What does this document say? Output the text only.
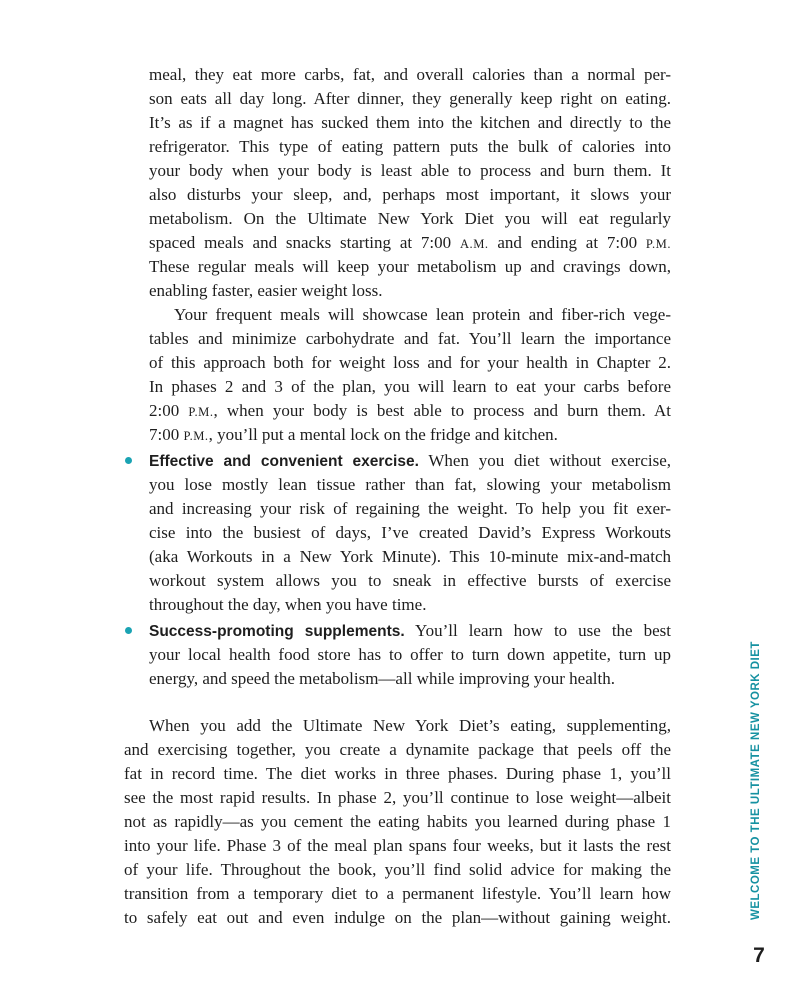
meal, they eat more carbs, fat, and overall calories than a normal per-
son eats all day long. After dinner, they generally keep right on eating.
It’s as if a magnet has sucked them into the kitchen and directly to the
refrigerator. This type of eating pattern puts the bulk of calories into
your body when your body is least able to process and burn them. It
also disturbs your sleep, and, perhaps most important, it slows your
metabolism. On the Ultimate New York Diet you will eat regularly
spaced meals and snacks starting at 7:00 A.M. and ending at 7:00 P.M.
These regular meals will keep your metabolism up and cravings down,
enabling faster, easier weight loss.
Your frequent meals will showcase lean protein and fiber-rich vege-
tables and minimize carbohydrate and fat. You’ll learn the importance
of this approach both for weight loss and for your health in Chapter 2.
In phases 2 and 3 of the plan, you will learn to eat your carbs before
2:00 P.M., when your body is best able to process and burn them. At
7:00 P.M., you’ll put a mental lock on the fridge and kitchen.
Effective and convenient exercise. When you diet without exercise,
you lose mostly lean tissue rather than fat, slowing your metabolism
and increasing your risk of regaining the weight. To help you fit exer-
cise into the busiest of days, I’ve created David’s Express Workouts
(aka Workouts in a New York Minute). This 10-minute mix-and-match
workout system allows you to sneak in effective bursts of exercise
throughout the day, when you have time.
Success-promoting supplements. You’ll learn how to use the best
your local health food store has to offer to turn down appetite, turn up
energy, and speed the metabolism—all while improving your health.
When you add the Ultimate New York Diet’s eating, supplementing,
and exercising together, you create a dynamite package that peels off the
fat in record time. The diet works in three phases. During phase 1, you’ll
see the most rapid results. In phase 2, you’ll continue to lose weight—albeit
not as rapidly—as you cement the eating habits you learned during phase 1
into your life. Phase 3 of the meal plan spans four weeks, but it lasts the rest
of your life. Throughout the book, you’ll find solid advice for making the
transition from a temporary diet to a permanent lifestyle. You’ll learn how
to safely eat out and even indulge on the plan—without gaining weight.	WELCOME TO THE ULTIMATE NEW YORK DIET
7
